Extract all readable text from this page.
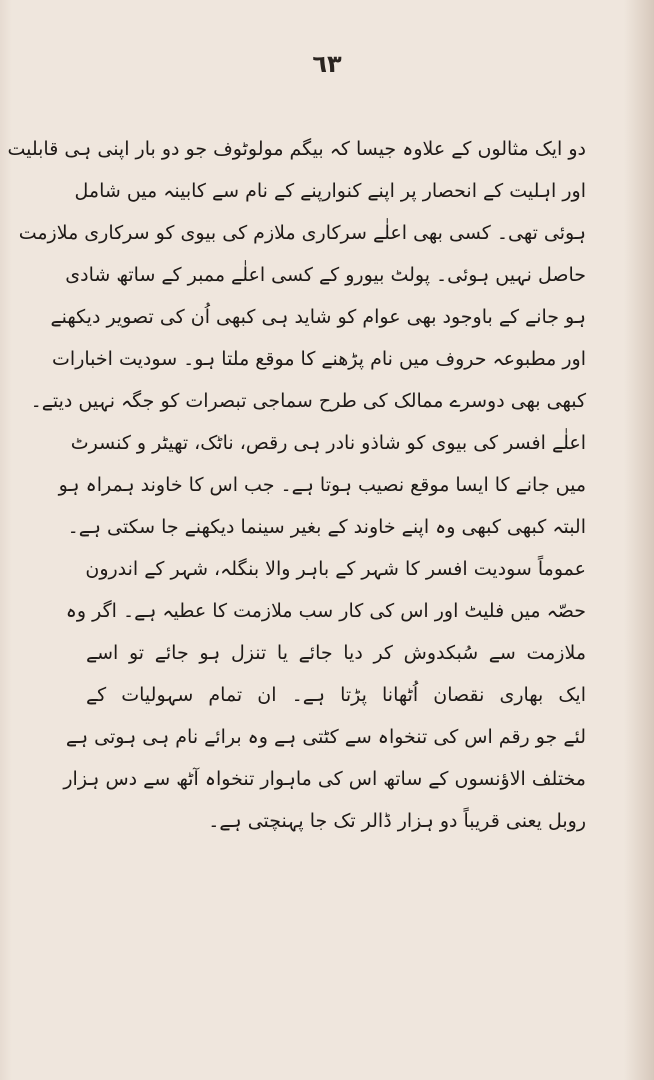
٦٣
دو ایک مثالوں کے علاوہ جیسا کہ بیگم مولوٹوف جو دو بار اپنی ہی قابلیت
اور اہلیت کے انحصار پر اپنے کنوارپنے کے نام سے کابینہ میں شامل
ہوئی تھی۔ کسی بھی اعلٰے سرکاری ملازم کی بیوی کو سرکاری ملازمت
حاصل نہیں ہوئی۔ پولٹ بیورو کے کسی اعلٰے ممبر کے ساتھ شادی
ہو جانے کے باوجود بھی عوام کو شاید ہی کبھی اُن کی تصویر دیکھنے
اور مطبوعہ حروف میں نام پڑھنے کا موقع ملتا ہو۔ سودیت اخبارات
کبھی بھی دوسرے ممالک کی طرح سماجی تبصرات کو جگہ نہیں دیتے۔
اعلٰے افسر کی بیوی کو شاذو نادر ہی رقص، ناٹک، تھیٹر و کنسرٹ
میں جانے کا ایسا موقع نصیب ہوتا ہے۔ جب اس کا خاوند ہمراہ ہو
البتہ کبھی کبھی وہ اپنے خاوند کے بغیر سینما دیکھنے جا سکتی ہے۔
عموماً سودیت افسر کا شہر کے باہر والا بنگلہ، شہر کے اندرون
حصّہ میں فلیٹ اور اس کی کار سب ملازمت کا عطیہ ہے۔ اگر وہ
ملازمت سے سُبکدوش کر دیا جائے یا تنزل ہو جائے تو اسے
ایک بھاری نقصان اُٹھانا پڑتا ہے۔ ان تمام سہولیات کے
لئے جو رقم اس کی تنخواہ سے کٹتی ہے وہ برائے نام ہی ہوتی ہے
مختلف الاؤنسوں کے ساتھ اس کی ماہوار تنخواہ آٹھ سے دس ہزار
روبل یعنی قریباً دو ہزار ڈالر تک جا پہنچتی ہے۔
